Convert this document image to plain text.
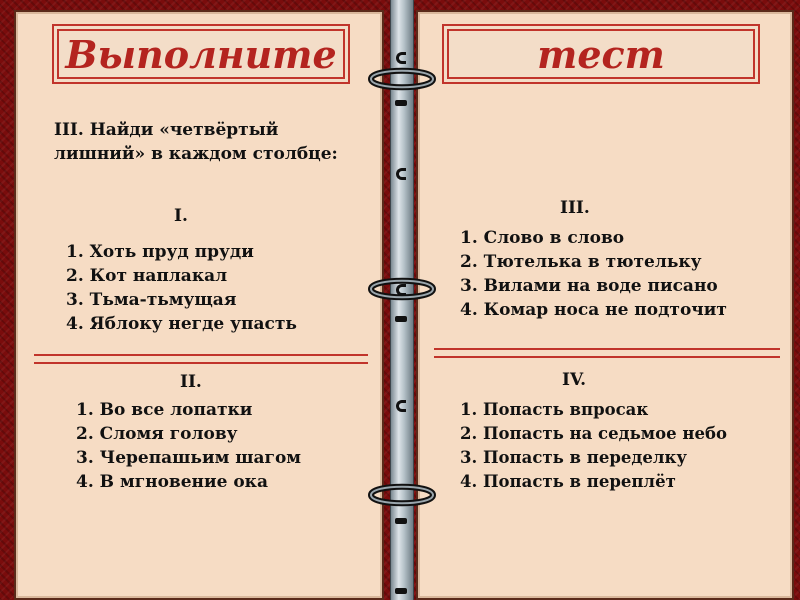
Выполните	тест
III. Найди «четвёртый лишний» в каждом столбце:
I.
1. Хоть пруд пруди
2. Кот наплакал
3. Тьма-тьмущая
4. Яблоку негде упасть
II.
1. Во все лопатки
2. Сломя голову
3. Черепашьим шагом
4. В мгновение ока
III.
1. Слово в слово
2. Тютелька в тютельку
3. Вилами на воде писано
4. Комар носа не подточит
IV.
1. Попасть впросак
2. Попасть на седьмое небо
3. Попасть в переделку
4. Попасть в переплёт
